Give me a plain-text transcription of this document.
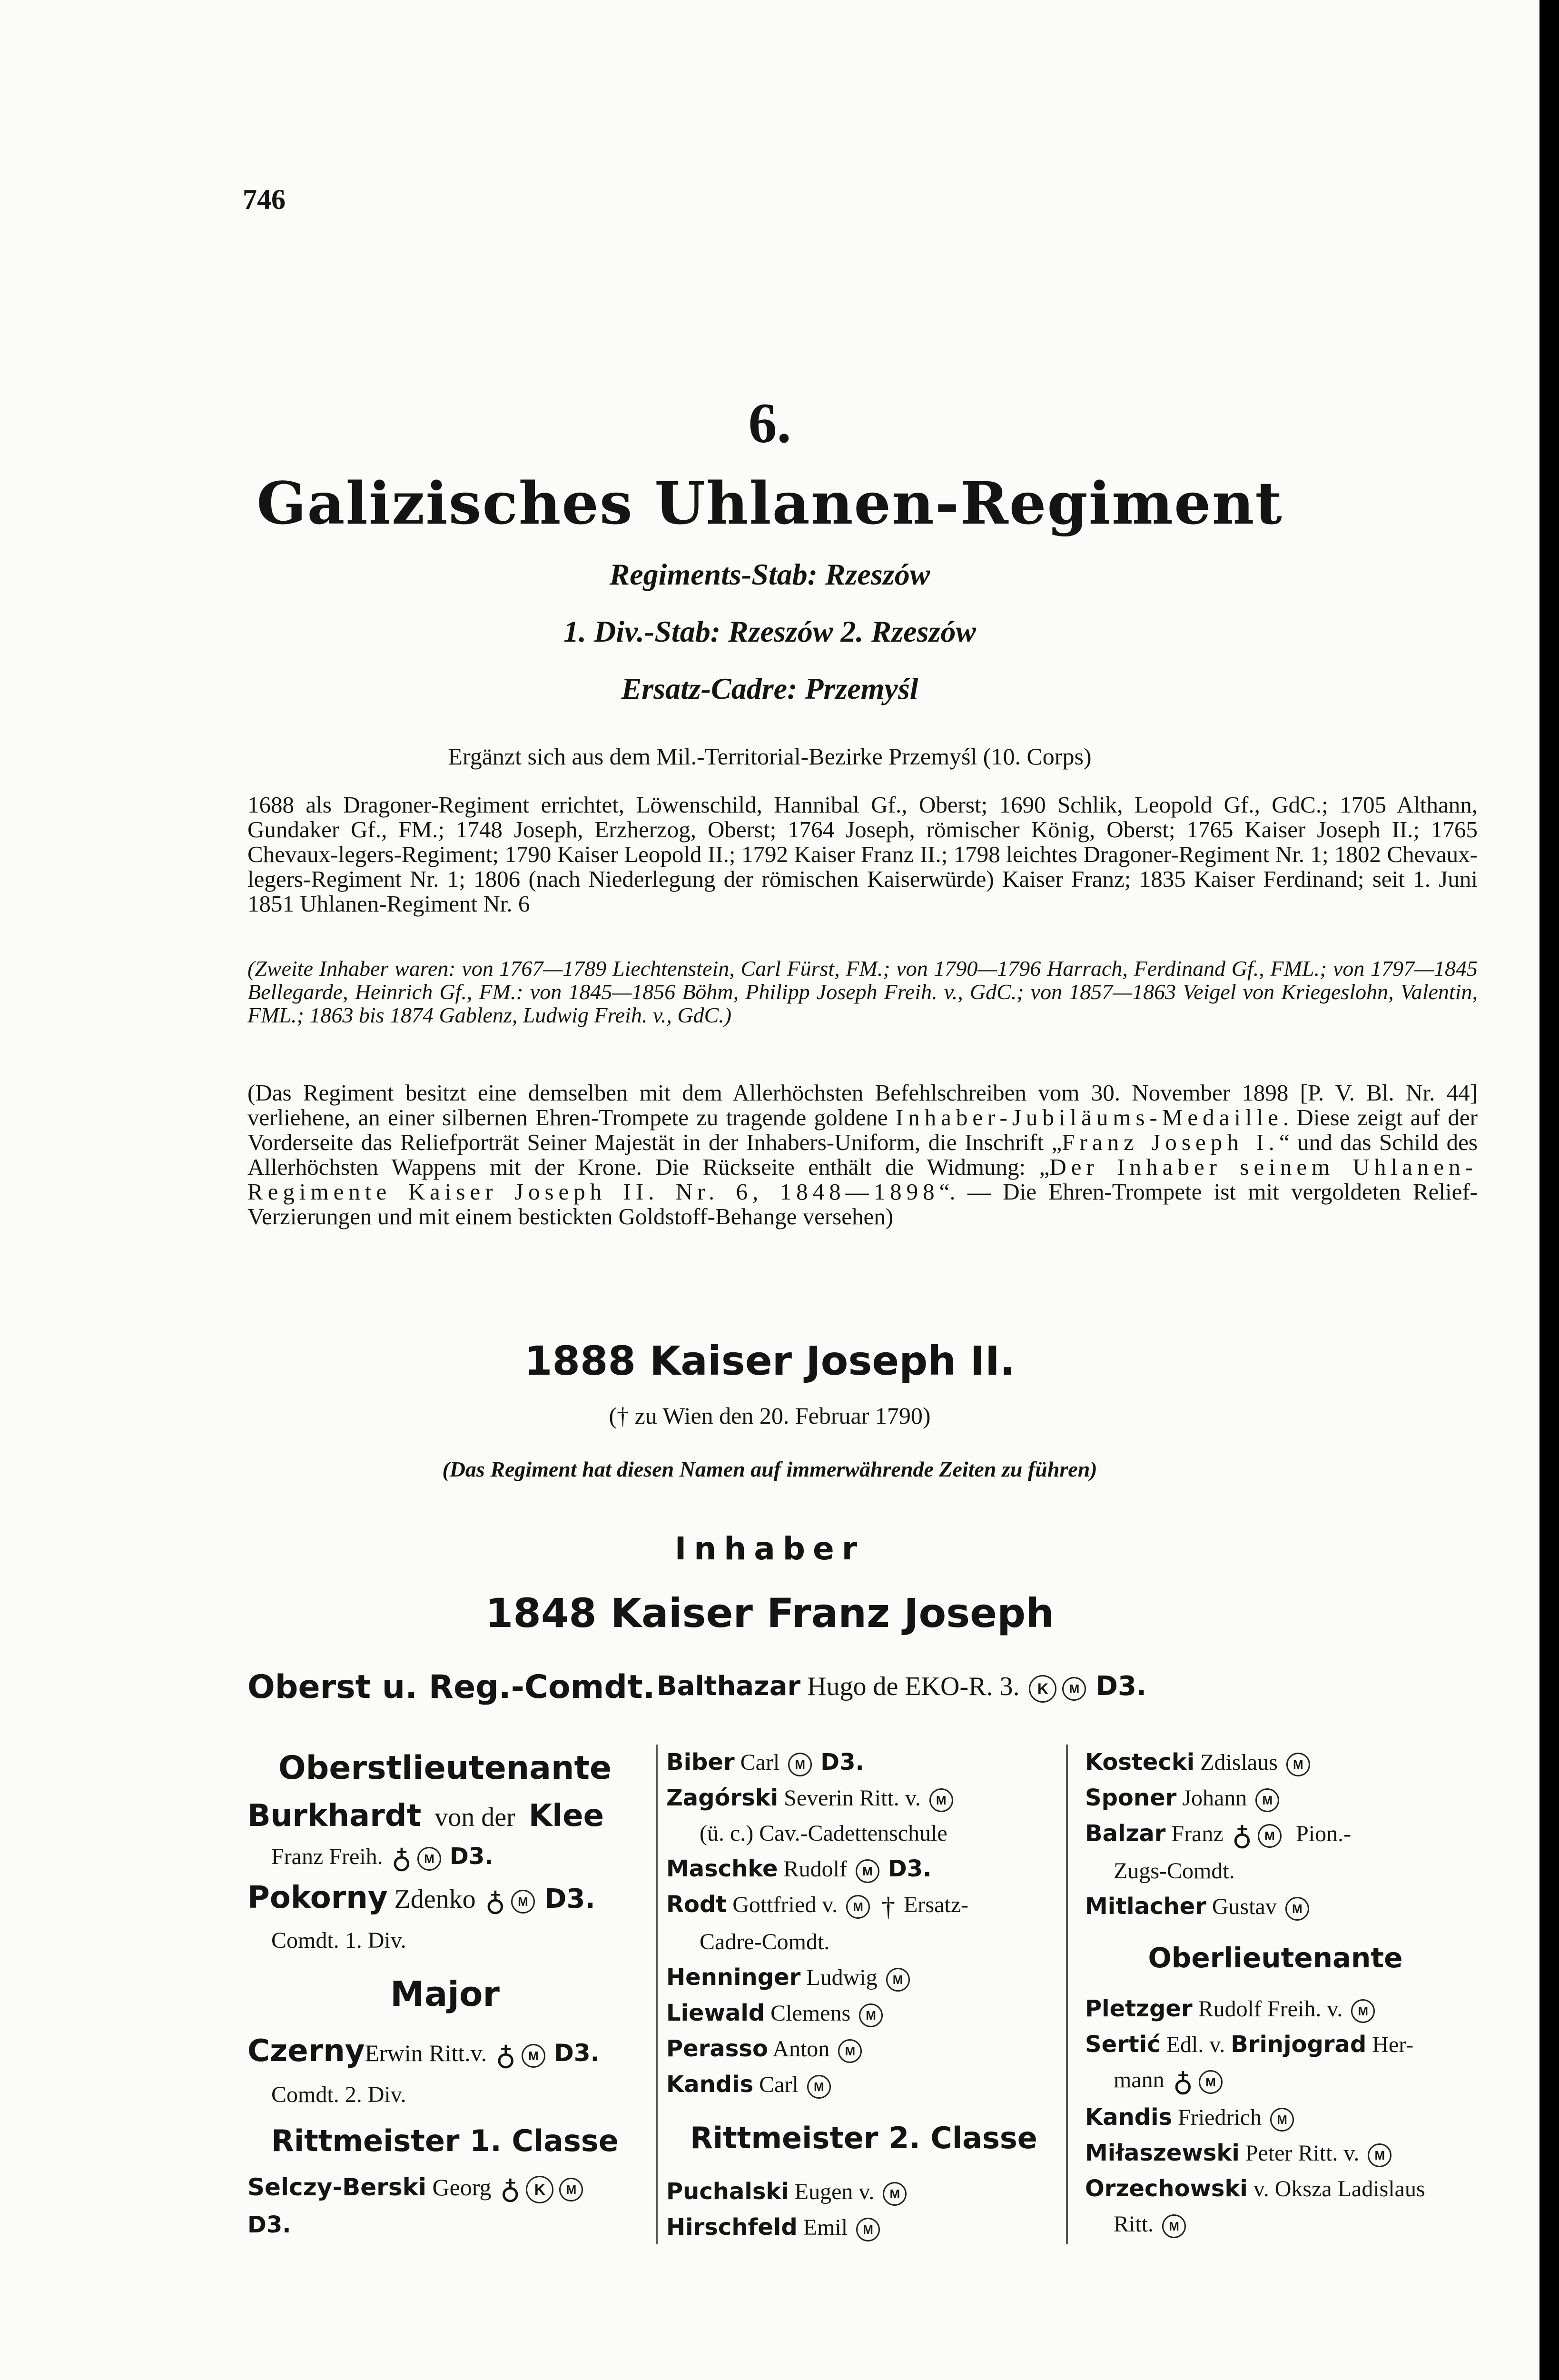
746
6.
Galizisches Uhlanen-Regiment
Regiments-Stab: Rzeszów
1. Div.-Stab: Rzeszów 2. Rzeszów
Ersatz-Cadre: Przemyśl
Ergänzt sich aus dem Mil.-Territorial-Bezirke Przemyśl (10. Corps)
1688 als Dragoner-Regiment errichtet, Löwenschild, Hannibal Gf., Oberst; 1690 Schlik, Leopold Gf., GdC.; 1705 Althann, Gundaker Gf., FM.; 1748 Joseph, Erzherzog, Oberst; 1764 Joseph, römischer König, Oberst; 1765 Kaiser Joseph II.; 1765 Chevaux-legers-Regiment; 1790 Kaiser Leopold II.; 1792 Kaiser Franz II.; 1798 leichtes Dragoner-Regiment Nr. 1; 1802 Chevaux-legers-Regiment Nr. 1; 1806 (nach Niederlegung der römischen Kaiserwürde) Kaiser Franz; 1835 Kaiser Ferdinand; seit 1. Juni 1851 Uhlanen-Regiment Nr. 6
(Zweite Inhaber waren: von 1767—1789 Liechtenstein, Carl Fürst, FM.; von 1790—1796 Harrach, Ferdinand Gf., FML.; von 1797—1845 Bellegarde, Heinrich Gf., FM.: von 1845—1856 Böhm, Philipp Joseph Freih. v., GdC.; von 1857—1863 Veigel von Kriegeslohn, Valentin, FML.; 1863 bis 1874 Gablenz, Ludwig Freih. v., GdC.)
(Das Regiment besitzt eine demselben mit dem Allerhöchsten Befehlschreiben vom 30. November 1898 [P. V. Bl. Nr. 44] verliehene, an einer silbernen Ehren-Trompete zu tragende goldene Inhaber-Jubiläums-Medaille. Diese zeigt auf der Vorderseite das Reliefporträt Seiner Majestät in der Inhabers-Uniform, die Inschrift „Franz Joseph I.“ und das Schild des Allerhöchsten Wappens mit der Krone. Die Rückseite enthält die Widmung: „Der Inhaber seinem Uhlanen-Regimente Kaiser Joseph II. Nr. 6, 1848—1898“. — Die Ehren-Trompete ist mit vergoldeten Relief-Verzierungen und mit einem bestickten Goldstoff-Behange versehen)
1888 Kaiser Joseph II.
(† zu Wien den 20. Februar 1790)
(Das Regiment hat diesen Namen auf immerwährende Zeiten zu führen)
Inhaber
1848 Kaiser Franz Joseph
Oberst u. Reg.-Comdt. Balthazar Hugo de EKO-R. 3. K M D3.
Oberstlieutenante
Burkhardt von der Klee
Franz Freih. ♁ M D3.
Pokorny Zdenko ♁ M D3.
Comdt. 1. Div.
Major
CzernyErwin Ritt.v. ♁ M D3.
Comdt. 2. Div.
Rittmeister 1. Classe
Selczy-Berski Georg ♁ K M
D3.
Biber Carl M D3.
Zagórski Severin Ritt. v. M
(ü. c.) Cav.-Cadettenschule
Maschke Rudolf M D3.
Rodt Gottfried v. M † Ersatz-
Cadre-Comdt.
Henninger Ludwig M
Liewald Clemens M
Perasso Anton M
Kandis Carl M
Rittmeister 2. Classe
Puchalski Eugen v. M
Hirschfeld Emil M
Kostecki Zdislaus M
Sponer Johann M
Balzar Franz ♁ M Pion.-
Zugs-Comdt.
Mitlacher Gustav M
Oberlieutenante
Pletzger Rudolf Freih. v. M
Sertić Edl. v. Brinjograd Her-
mann ♁ M
Kandis Friedrich M
Miłaszewski Peter Ritt. v. M
Orzechowski v. Oksza Ladislaus
Ritt. M
